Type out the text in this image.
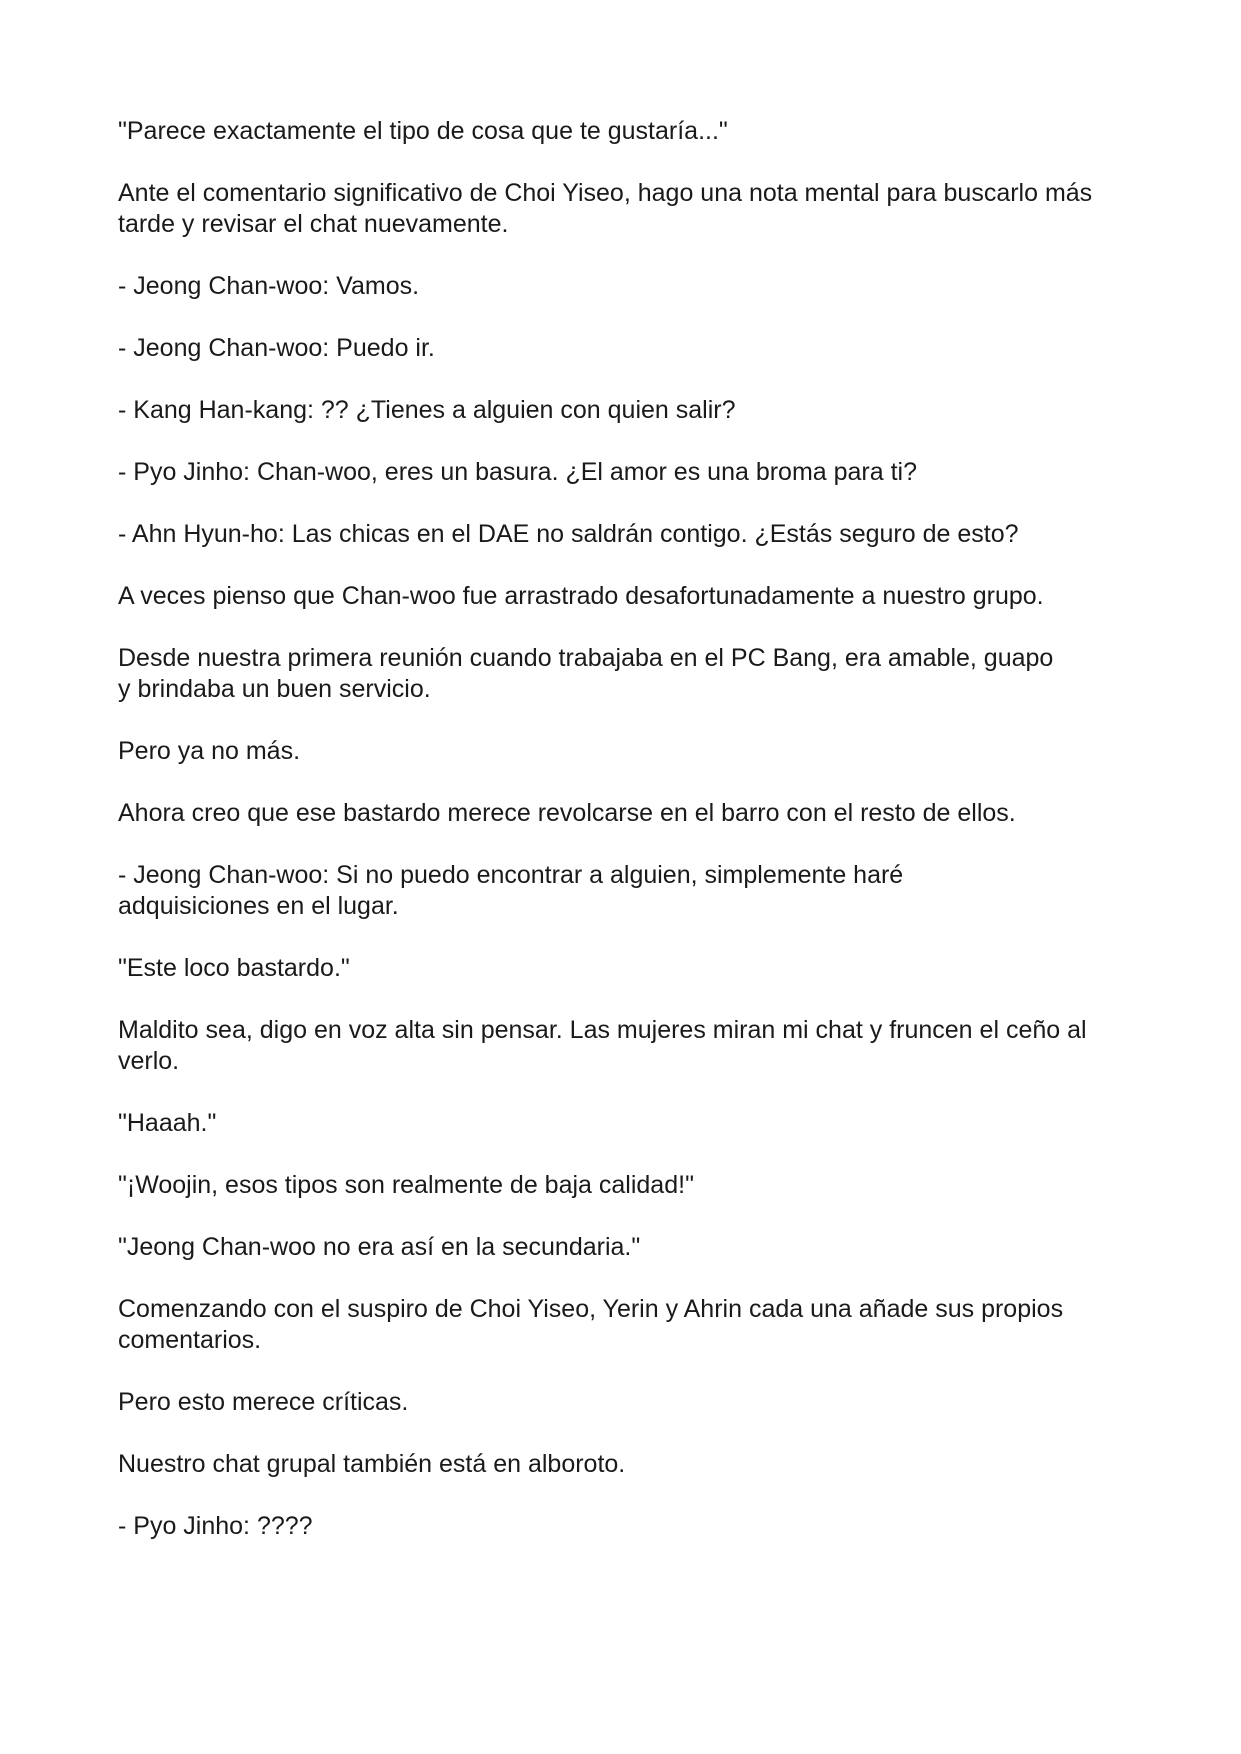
"Parece exactamente el tipo de cosa que te gustaría..."

Ante el comentario significativo de Choi Yiseo, hago una nota mental para buscarlo más tarde y revisar el chat nuevamente.

- Jeong Chan-woo: Vamos.

- Jeong Chan-woo: Puedo ir.

- Kang Han-kang: ?? ¿Tienes a alguien con quien salir?

- Pyo Jinho: Chan-woo, eres un basura. ¿El amor es una broma para ti?

- Ahn Hyun-ho: Las chicas en el DAE no saldrán contigo. ¿Estás seguro de esto?

A veces pienso que Chan-woo fue arrastrado desafortunadamente a nuestro grupo.

Desde nuestra primera reunión cuando trabajaba en el PC Bang, era amable, guapo y brindaba un buen servicio.

Pero ya no más.

Ahora creo que ese bastardo merece revolcarse en el barro con el resto de ellos.

- Jeong Chan-woo: Si no puedo encontrar a alguien, simplemente haré adquisiciones en el lugar.

"Este loco bastardo."

Maldito sea, digo en voz alta sin pensar. Las mujeres miran mi chat y fruncen el ceño al verlo.

"Haaah."

"¡Woojin, esos tipos son realmente de baja calidad!"

"Jeong Chan-woo no era así en la secundaria."

Comenzando con el suspiro de Choi Yiseo, Yerin y Ahrin cada una añade sus propios comentarios.

Pero esto merece críticas.

Nuestro chat grupal también está en alboroto.

- Pyo Jinho: ????
